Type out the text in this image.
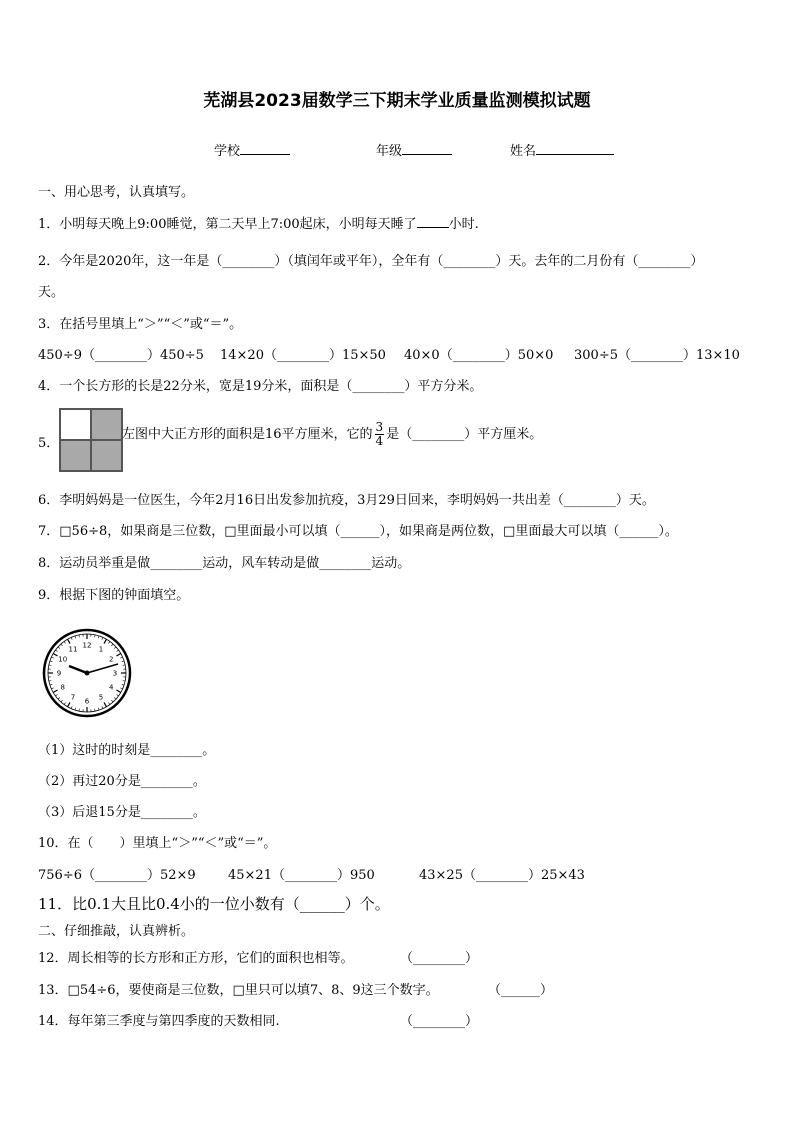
芜湖县2023届数学三下期末学业质量监测模拟试题
学校	年级	姓名
一、用心思考，认真填写。
1．小明每天晚上9:00睡觉，第二天早上7:00起床，小明每天睡了 小时.
2．今年是2020年，这一年是（________）（填闰年或平年），全年有（________）天。去年的二月份有（________）
天。
3．在括号里填上“＞”“＜”或“＝”。
450÷9（________）450÷5 14×20（________）15×50 40×0（________）50×0 300÷5（________）13×10
4．一个长方形的长是22分米，宽是19分米，面积是（________）平方分米。
5．
左图中大正方形的面积是16平方厘米，它的 $\frac{3}{4}$ 是（________）平方厘米。
6．李明妈妈是一位医生，今年2月16日出发参加抗疫，3月29日回来，李明妈妈一共出差（________）天。
7．□56÷8，如果商是三位数，□里面最小可以填（______），如果商是两位数，□里面最大可以填（______）。
8．运动员举重是做________运动，风车转动是做________运动。
9．根据下图的钟面填空。
12 1
2
3
4
5
6
7
8
9
10
11
（1）这时的时刻是________。
（2）再过20分是________。
（3）后退15分是________。
10．在（　　）里填上“＞”“＜”或“＝”。
756÷6（________）52×9 45×21（________）950	43×25（________）25×43
11．比0.1大且比0.4小的一位小数有（______）个。
二、仔细推敲，认真辨析。
12．周长相等的长方形和正方形，它们的面积也相等。	（________）
13．□54÷6，要使商是三位数，□里只可以填7、8、9这三个数字。	（______）
14．每年第三季度与第四季度的天数相同.	（________）
